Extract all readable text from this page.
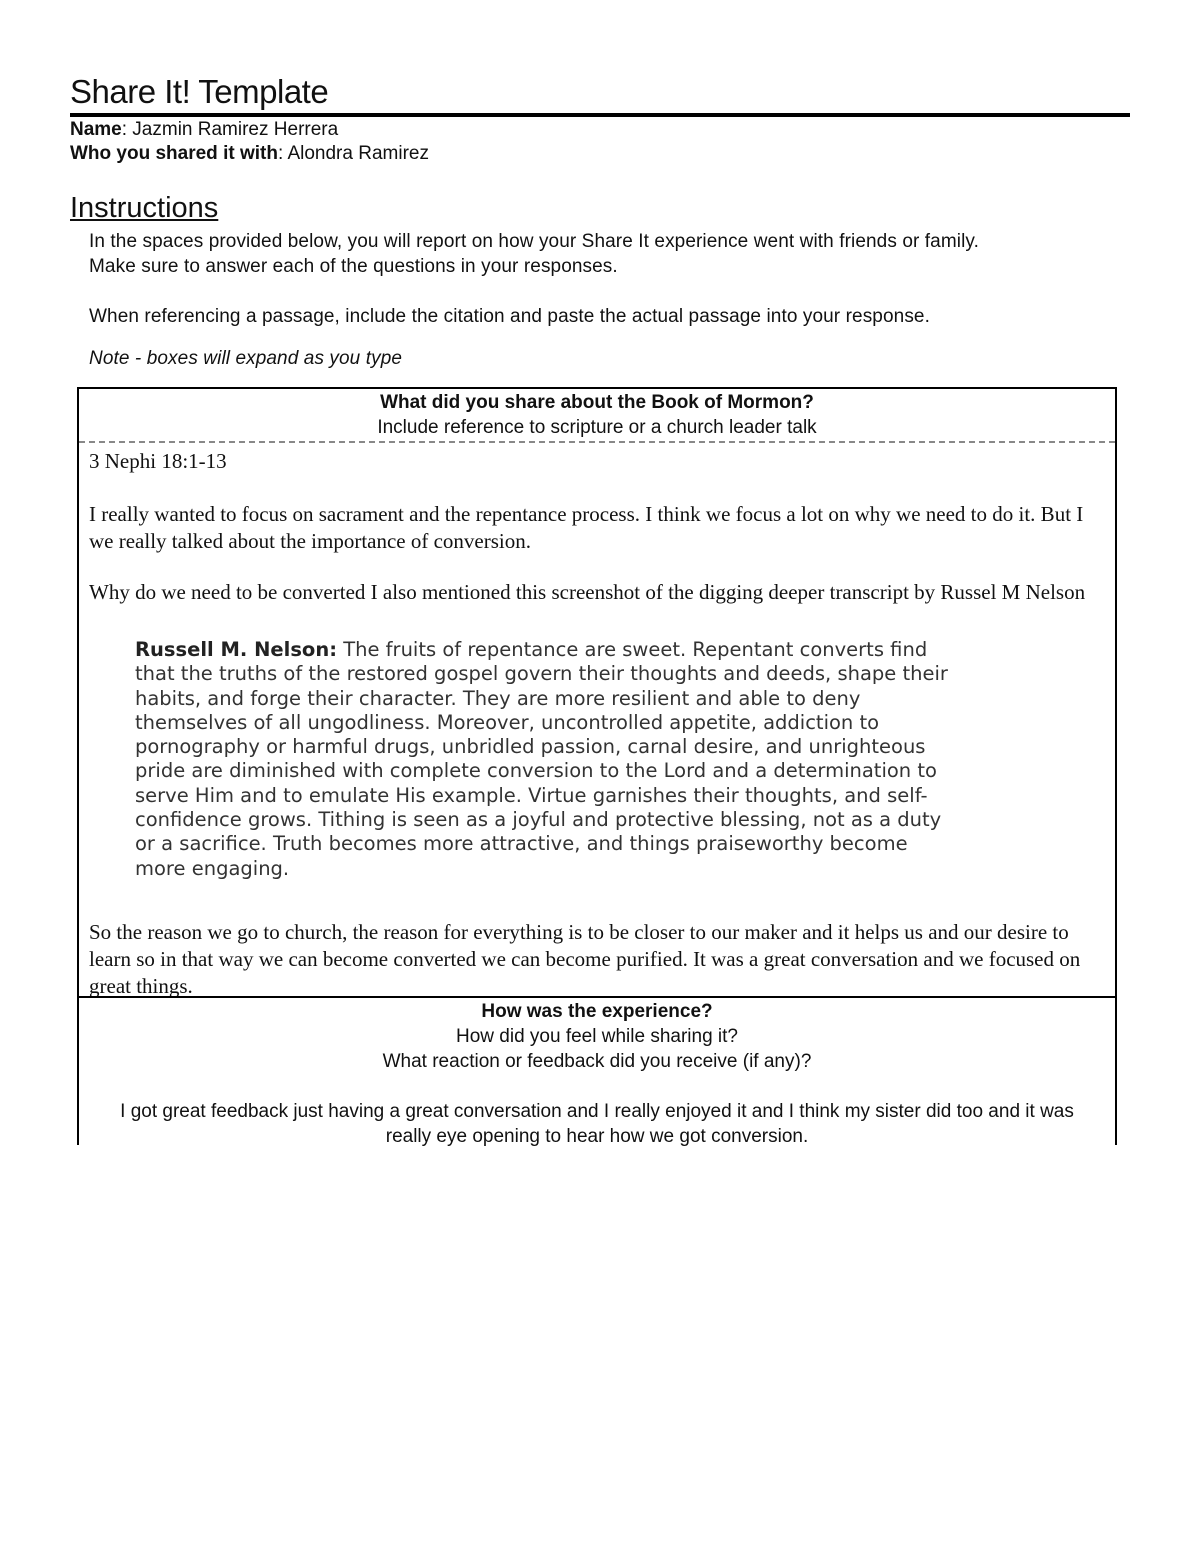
Share It! Template
Name: Jazmin Ramirez Herrera
Who you shared it with: Alondra Ramirez
Instructions
In the spaces provided below, you will report on how your Share It experience went with friends or family.
Make sure to answer each of the questions in your responses.
When referencing a passage, include the citation and paste the actual passage into your response.
Note - boxes will expand as you type
What did you share about the Book of Mormon?
Include reference to scripture or a church leader talk
3 Nephi 18:1-13
I really wanted to focus on sacrament and the repentance process. I think we focus a lot on why we need to do it. But I we really talked about the importance of conversion.
Why do we need to be converted I also mentioned this screenshot of the digging deeper transcript by Russel M Nelson
Russell M. Nelson: The fruits of repentance are sweet. Repentant converts find that the truths of the restored gospel govern their thoughts and deeds, shape their habits, and forge their character. They are more resilient and able to deny themselves of all ungodliness. Moreover, uncontrolled appetite, addiction to pornography or harmful drugs, unbridled passion, carnal desire, and unrighteous pride are diminished with complete conversion to the Lord and a determination to serve Him and to emulate His example. Virtue garnishes their thoughts, and self-confidence grows. Tithing is seen as a joyful and protective blessing, not as a duty or a sacrifice. Truth becomes more attractive, and things praiseworthy become more engaging.
So the reason we go to church, the reason for everything is to be closer to our maker and it helps us and our desire to learn so in that way we can become converted we can become purified. It was a great conversation and we focused on great things.
How was the experience?
How did you feel while sharing it?
What reaction or feedback did you receive (if any)?
I got great feedback just having a great conversation and I really enjoyed it and I think my sister did too and it was really eye opening to hear how we got conversion.
